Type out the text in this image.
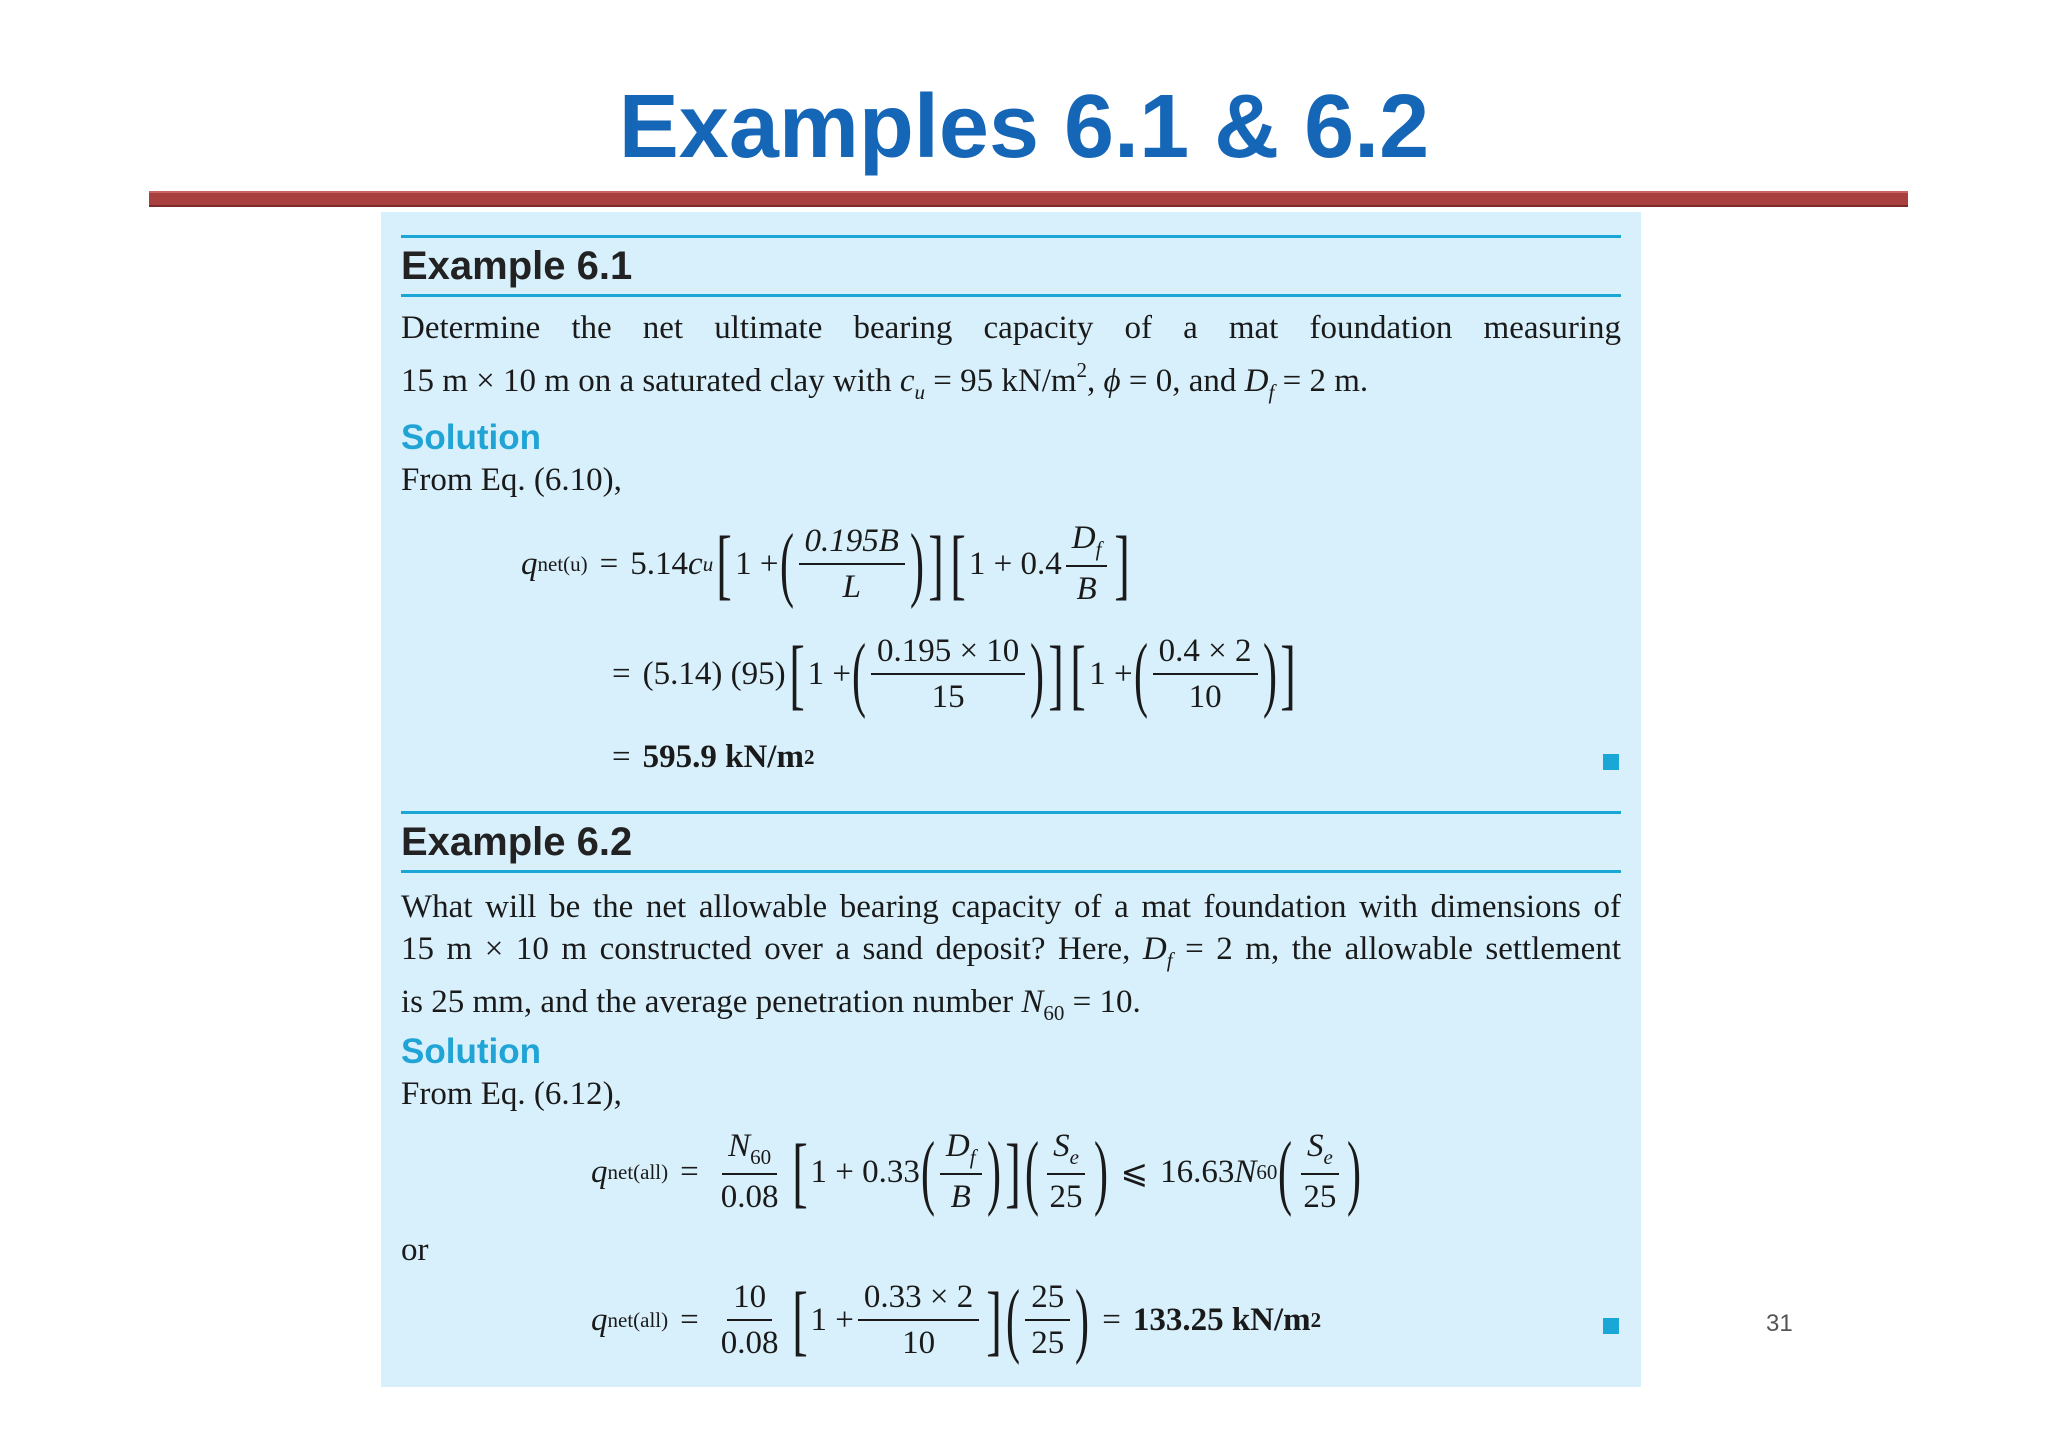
Examples 6.1 & 6.2
Example 6.1
Determine the net ultimate bearing capacity of a mat foundation measuring
15 m × 10 m on a saturated clay with $c_u = 95$ $kN/m^2$, ϕ = 0, and $D_f = 2$ m.
Solution
From Eq. (6.10),
q net(u) = 5.14 c u [ 1 + ( $\frac{0.195B}{L}$ ) ] [ $1 + 0.4 \frac{D_f}{B}$ ]
= (5.14) (95) [ 1 + ( $\frac{0.195 \times 10}{15}$ ) ] [ 1 + ( $\frac{0.4 \times 2}{10}$ ) ]
= 595.9 kN/m 2
Example 6.2
What will be the net allowable bearing capacity of a mat foundation with dimensions of
15 m × 10 m constructed over a sand deposit? Here, $D_f = 2$ m, the allowable settlement
is 25 mm, and the average penetration number $N_{60} = 10$.
Solution
From Eq. (6.12),
q $net(all) = \frac{N_{60}}{0.08}$ [ 1 + 0.33 ( $\frac{D_f}{B}$ ) ] ( $\frac{S_e}{25}$ ) ⩽ 16.63 N 60 ( $\frac{S_e}{25}$ )
or
q $net(all) = \frac{10}{0.08}$ [ $1 + \frac{0.33 \times 2}{10}$ ] ( $\frac{25}{25}$ ) = 133.25 kN/m 2	31
